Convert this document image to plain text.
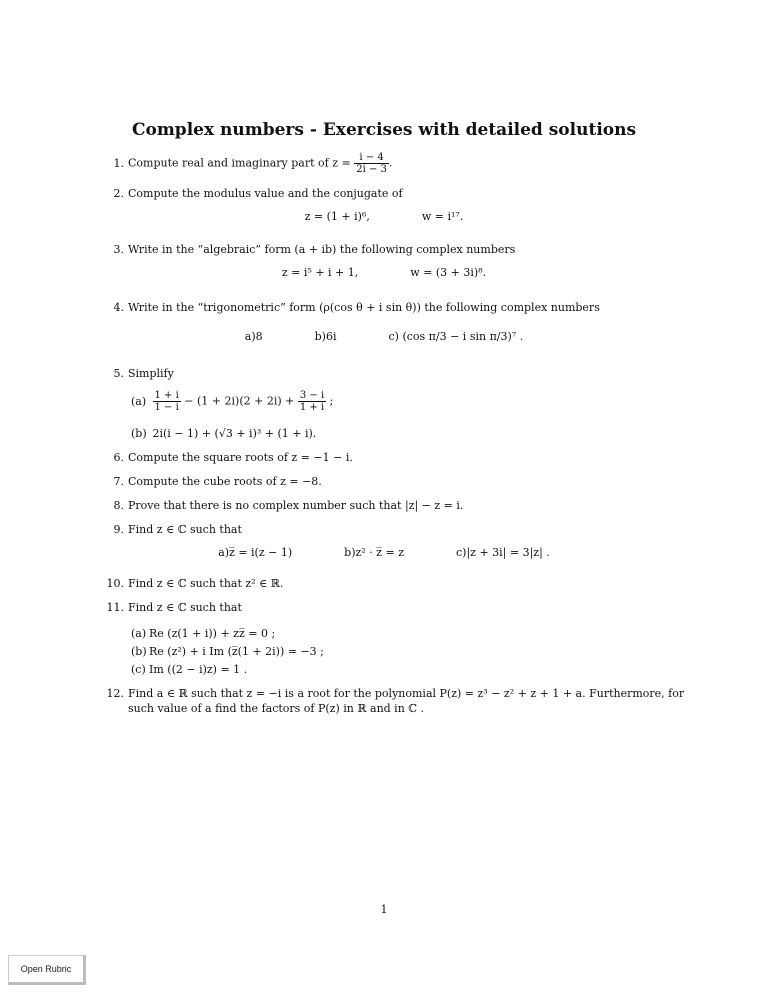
Complex numbers - Exercises with detailed solutions
1. Compute real and imaginary part of $z = \frac{i - 4}{2i - 3}$ .
2. Compute the modulus value and the conjugate of
z = (1 + i)⁶,	w = i¹⁷.
3. Write in the “algebraic” form (a + ib) the following complex numbers
z = i⁵ + i + 1,	w = (3 + 3i)⁸.
4. Write in the “trigonometric” form (ρ(cos θ + i sin θ)) the following complex numbers
a)8	b)6i	c) (cos π/3 − i sin π/3)⁷ .
5. Simplify
$(a) \frac{1 + i}{1 - i} - (1 + 2i)(2 + 2i) + \frac{3 - i}{1 + i}$ ;
(b) 2i(i − 1) + (√3 + i)³ + (1 + i).
6. Compute the square roots of z = −1 − i.
7. Compute the cube roots of z = −8.
8. Prove that there is no complex number such that |z| − z = i.
9. Find z ∈ ℂ such that
a)z̅ = i(z − 1)	b)z² · z̅ = z	c)|z + 3i| = 3|z| .
10. Find z ∈ ℂ such that z² ∈ ℝ.
11. Find z ∈ ℂ such that
(a) Re (z(1 + i)) + zz̅ = 0 ;
(b) Re (z²) + i Im (z̅(1 + 2i)) = −3 ;
(c) Im ((2 − i)z) = 1 .
12. Find a ∈ ℝ such that z = −i is a root for the polynomial P(z) = z³ − z² + z + 1 + a. Furthermore, for
such value of a find the factors of P(z) in ℝ and in ℂ .
1
Open Rubric
